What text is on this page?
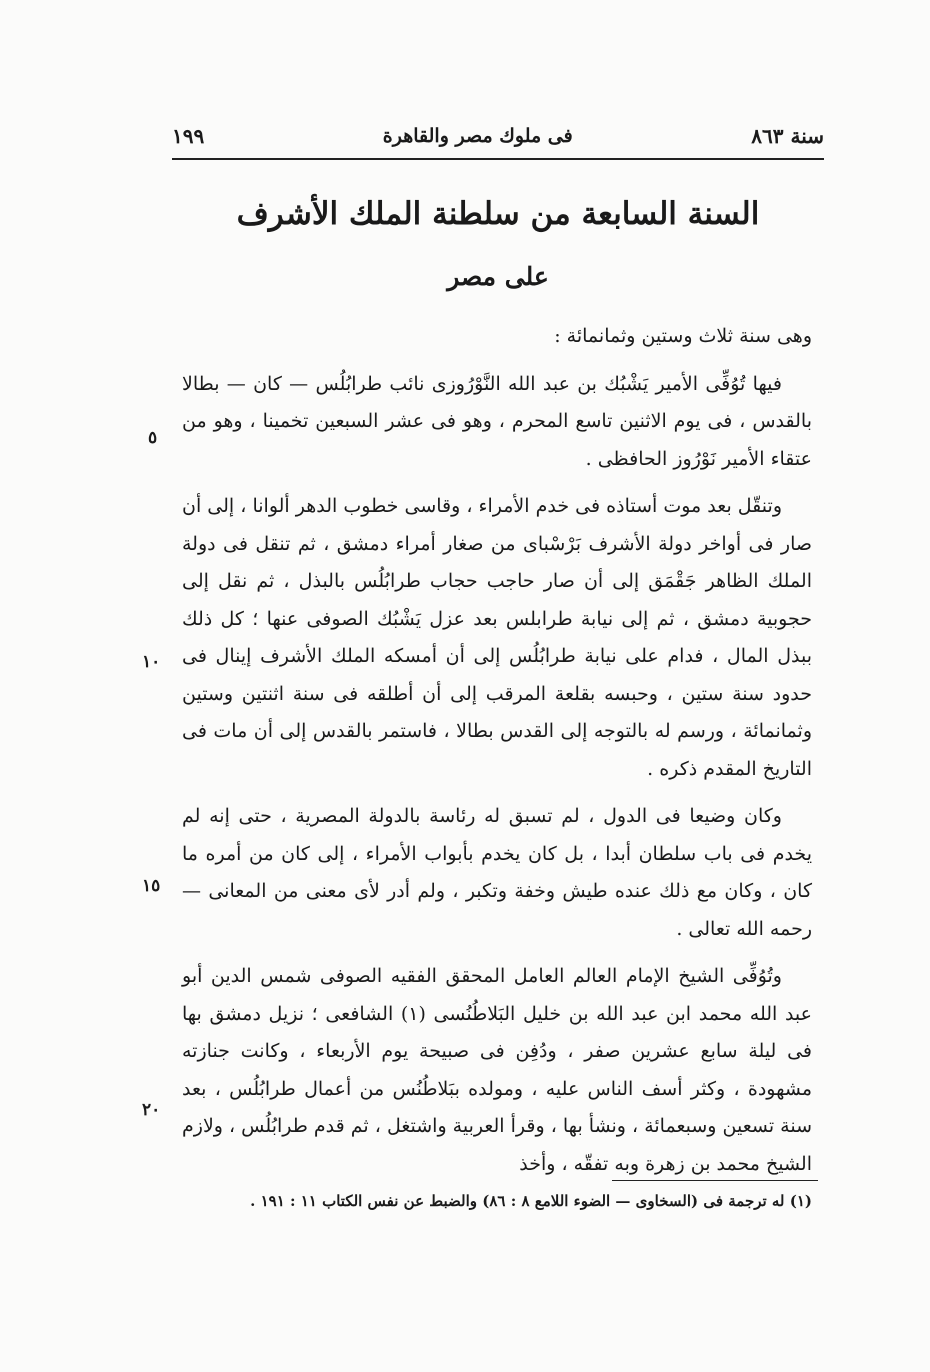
سنة ٨٦٣
فى ملوك مصر والقاهرة
١٩٩
السنة السابعة من سلطنة الملك الأشرف
على مصر

وهى سنة ثلاث وستين وثمانمائة :

فيها تُوُفِّى الأمير يَشْبُك بن عبد الله النَّوْرُوزى نائب طرابُلُس — كان — بطالا بالقدس ، فى يوم الاثنين تاسع المحرم ، وهو فى عشر السبعين تخمينا ، وهو من عتقاء الأمير نَوْرُوز الحافظى .

وتنقّل بعد موت أستاذه فى خدم الأمراء ، وقاسى خطوب الدهر ألوانا ، إلى أن صار فى أواخر دولة الأشرف بَرْسْباى من صغار أمراء دمشق ، ثم تنقل فى دولة الملك الظاهر جَقْمَق إلى أن صار حاجب حجاب طرابُلُس بالبذل ، ثم نقل إلى حجوبية دمشق ، ثم إلى نيابة طرابلس بعد عزل يَشْبُك الصوفى عنها ؛ كل ذلك ببذل المال ، فدام على نيابة طرابُلُس إلى أن أمسكه الملك الأشرف إينال فى حدود سنة ستين ، وحبسه بقلعة المرقب إلى أن أطلقه فى سنة اثنتين وستين وثمانمائة ، ورسم له بالتوجه إلى القدس بطالا ، فاستمر بالقدس إلى أن مات فى التاريخ المقدم ذكره .

وكان وضيعا فى الدول ، لم تسبق له رئاسة بالدولة المصرية ، حتى إنه لم يخدم فى باب سلطان أبدا ، بل كان يخدم بأبواب الأمراء ، إلى كان من أمره ما كان ، وكان مع ذلك عنده طيش وخفة وتكبر ، ولم أدر لأى معنى من المعانى — رحمه الله تعالى .

وتُوُفِّى الشيخ الإمام العالم العامل المحقق الفقيه الصوفى شمس الدين أبو عبد الله محمد ابن عبد الله بن خليل البَلاطُنُسى (١) الشافعى ؛ نزيل دمشق بها فى ليلة سابع عشرين صفر ، ودُفِن فى صبيحة يوم الأربعاء ، وكانت جنازته مشهودة ، وكثر أسف الناس عليه ، ومولده ببَلاطُنُس من أعمال طرابُلُس ، بعد سنة تسعين وسبعمائة ، ونشأ بها ، وقرأ العربية واشتغل ، ثم قدم طرابُلُس ، ولازم الشيخ محمد بن زهرة وبه تفقّه ، وأخذ

٥
١٠
١٥
٢٠
(١) له ترجمة فى (السخاوى — الضوء اللامع ٨ : ٨٦) والضبط عن نفس الكتاب ١١ : ١٩١ .
